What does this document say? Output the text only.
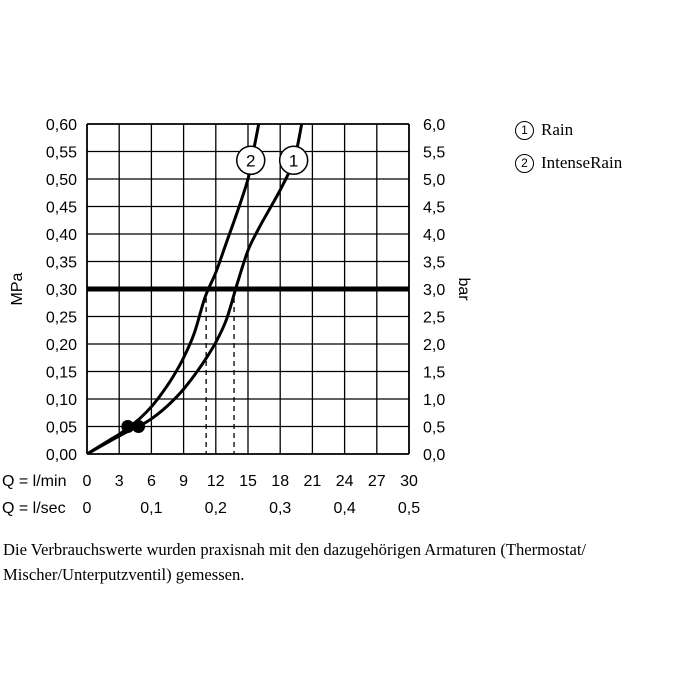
1
2
0,00
0,05
0,10
0,15
0,20
0,25
0,30
0,35
0,40
0,45
0,50
0,55
0,60
0,0
0,5
1,0
1,5
2,0
2,5
3,0
3,5
4,0
4,5
5,0
5,5
6,0
MPa	bar
Q = l/min 0 3 6 9 12 15 18 21 24 27 30
Q = l/sec 0	0,1	0,2	0,3	0,4	0,5
1 Rain
2 IntenseRain

Die Verbrauchswerte wurden praxisnah mit den dazugehörigen Armaturen (Thermostat/ Mischer/Unterputzventil) gemessen.
